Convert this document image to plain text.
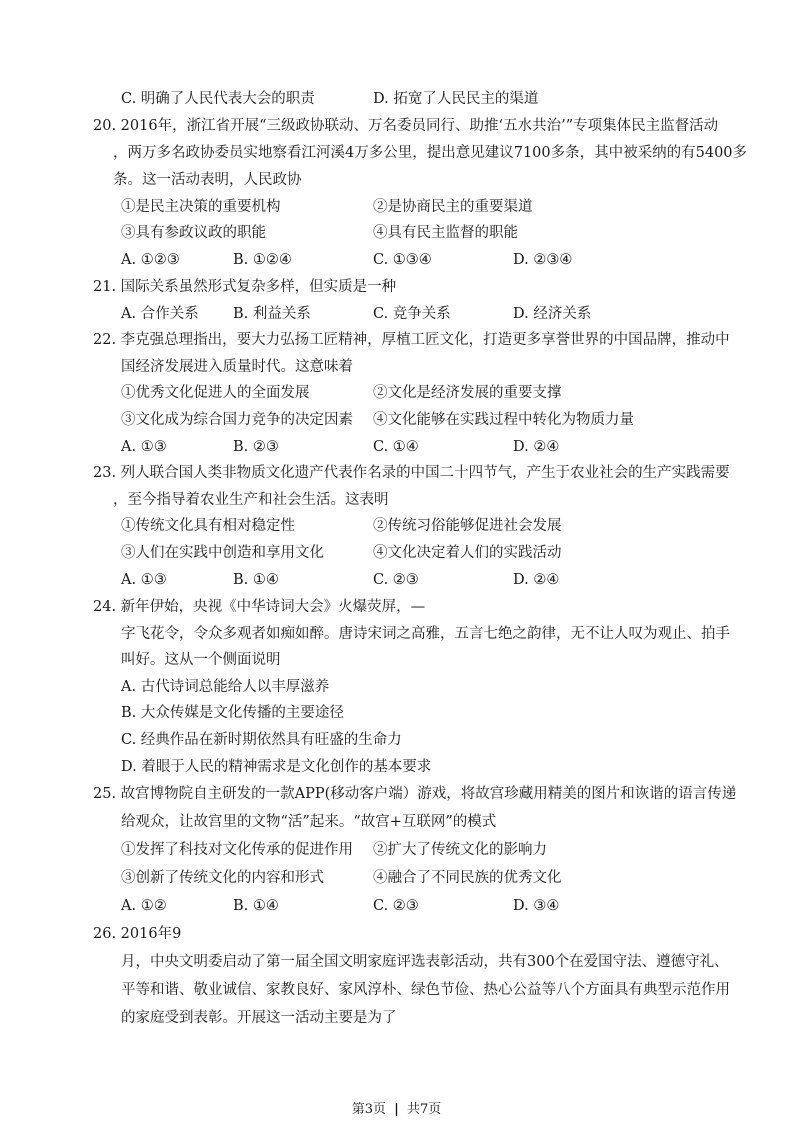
C. 明确了人民代表大会的职责	D. 拓宽了人民民主的渠道
20. 2016年，浙江省开展“三级政协联动、万名委员同行、助推‘五水共治’”专项集体民主监督活动
，两万多名政协委员实地察看江河溪4万多公里，提出意见建议7100多条，其中被采纳的有5400多
条。这一活动表明，人民政协
①是民主决策的重要机构	②是协商民主的重要渠道
③具有参政议政的职能	④具有民主监督的职能
A. ①②③	B. ①②④	C. ①③④	D. ②③④
21. 国际关系虽然形式复杂多样，但实质是一种
A. 合作关系 B. 利益关系	C. 竞争关系	D. 经济关系
22. 李克强总理指出，要大力弘扬工匠精神，厚植工匠文化，打造更多享誉世界的中国品牌，推动中
国经济发展进入质量时代。这意味着
①优秀文化促进人的全面发展	②文化是经济发展的重要支撑
③文化成为综合国力竞争的决定因素 ④文化能够在实践过程中转化为物质力量
A. ①③	B. ②③	C. ①④	D. ②④
23. 列人联合国人类非物质文化遗产代表作名录的中国二十四节气，产生于农业社会的生产实践需要
，至今指导着农业生产和社会生活。这表明
①传统文化具有相对稳定性	②传统习俗能够促进社会发展
③人们在实践中创造和享用文化	④文化决定着人们的实践活动
A. ①③	B. ①④	C. ②③	D. ②④
24. 新年伊始，央视《中华诗词大会》火爆荧屏，—
字飞花令，令众多观者如痴如醉。唐诗宋词之高雅，五言七绝之韵律，无不让人叹为观止、拍手
叫好。这从一个侧面说明
A. 古代诗词总能给人以丰厚滋养
B. 大众传媒是文化传播的主要途径
C. 经典作品在新时期依然具有旺盛的生命力
D. 着眼于人民的精神需求是文化创作的基本要求
25. 故宫博物院自主研发的一款APP(移动客户端）游戏，将故宫珍藏用精美的图片和诙谐的语言传递
给观众，让故宫里的文物“活”起来。“故宫+互联网”的模式
①发挥了科技对文化传承的促进作用 ②扩大了传统文化的影响力
③创新了传统文化的内容和形式	④融合了不同民族的优秀文化
A. ①②	B. ①④	C. ②③	D. ③④
26. 2016年9
月，中央文明委启动了第一届全国文明家庭评选表彰活动，共有300个在爱国守法、遵德守礼、
平等和谐、敬业诚信、家教良好、家风淳朴、绿色节俭、热心公益等八个方面具有典型示范作用
的家庭受到表彰。开展这一活动主要是为了
第3页 | 共7页
